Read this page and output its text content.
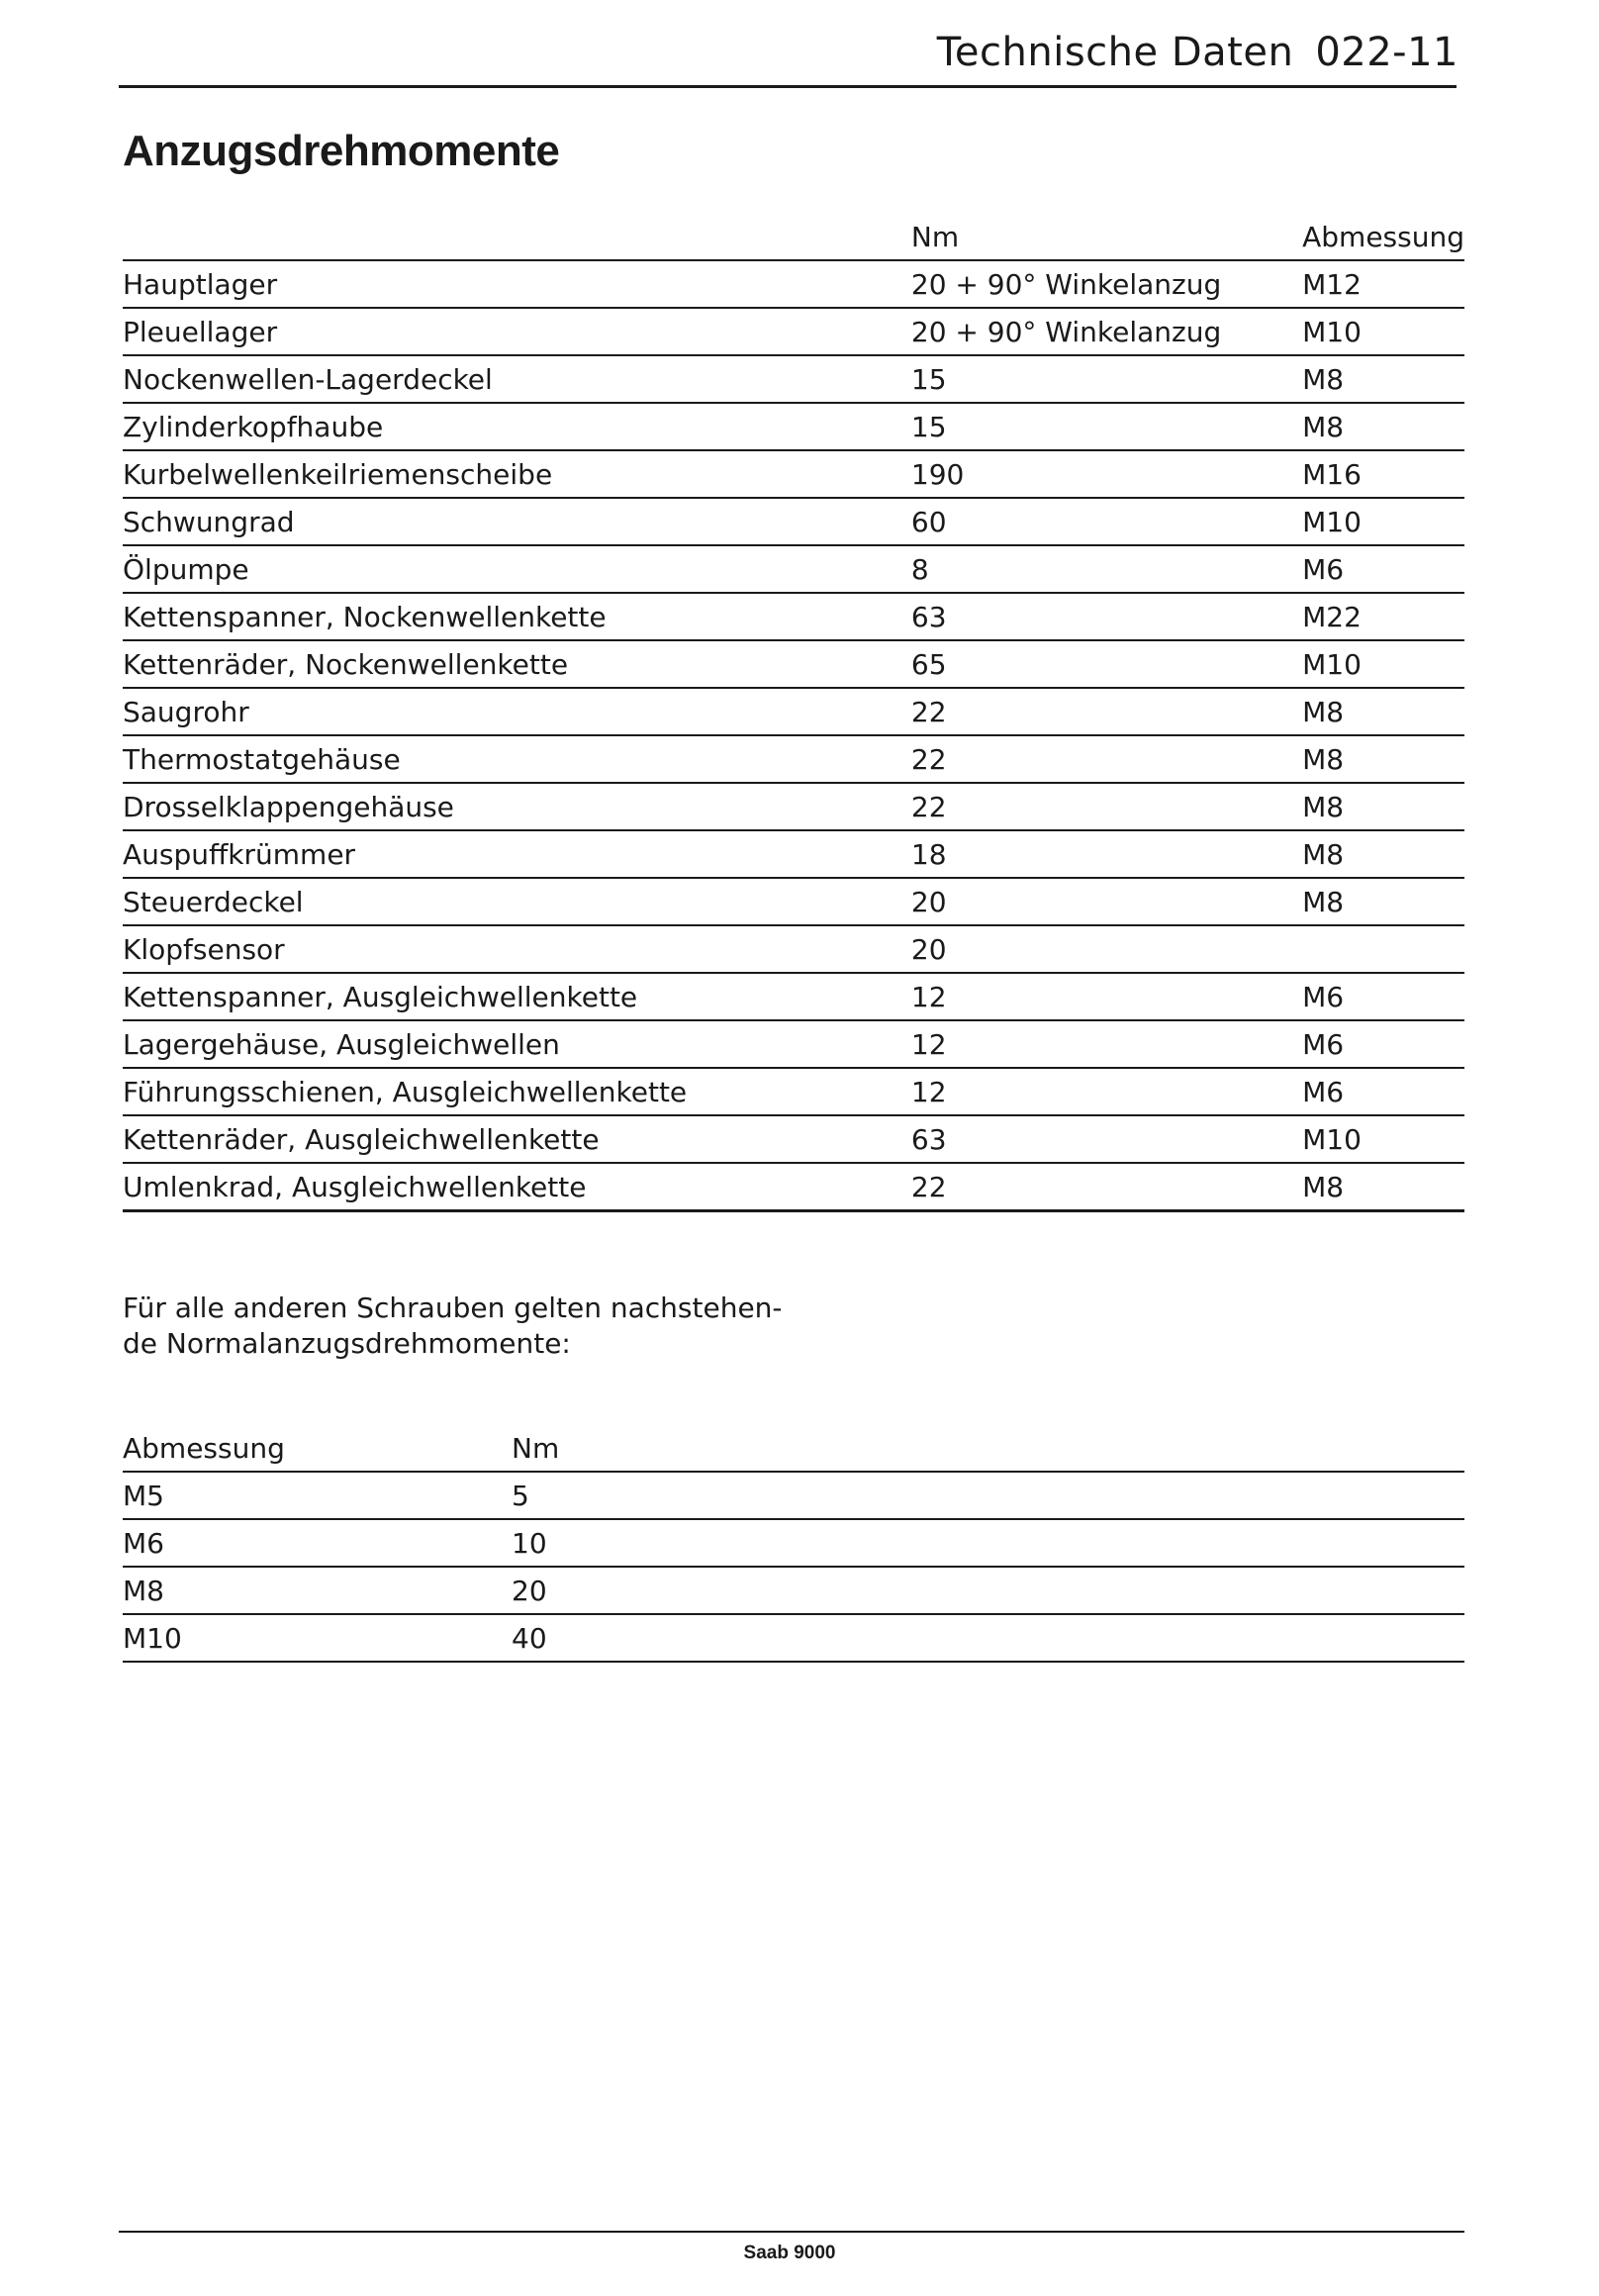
Technische Daten 022-11
Anzugsdrehmomente
	Nm	Abmessung
Hauptlager	20 + 90° Winkelanzug	M12
Pleuellager	20 + 90° Winkelanzug	M10
Nockenwellen-Lagerdeckel	15	M8
Zylinderkopfhaube	15	M8
Kurbelwellenkeilriemenscheibe	190	M16
Schwungrad	60	M10
Ölpumpe	8	M6
Kettenspanner, Nockenwellenkette	63	M22
Kettenräder, Nockenwellenkette	65	M10
Saugrohr	22	M8
Thermostatgehäuse	22	M8
Drosselklappengehäuse	22	M8
Auspuffkrümmer	18	M8
Steuerdeckel	20	M8
Klopfsensor	20	
Kettenspanner, Ausgleichwellenkette	12	M6
Lagergehäuse, Ausgleichwellen	12	M6
Führungsschienen, Ausgleichwellenkette	12	M6
Kettenräder, Ausgleichwellenkette	63	M10
Umlenkrad, Ausgleichwellenkette	22	M8
Für alle anderen Schrauben gelten nachstehen-
de Normalanzugsdrehmomente:
Abmessung	Nm
M5	5
M6	10
M8	20
M10	40
Saab 9000
